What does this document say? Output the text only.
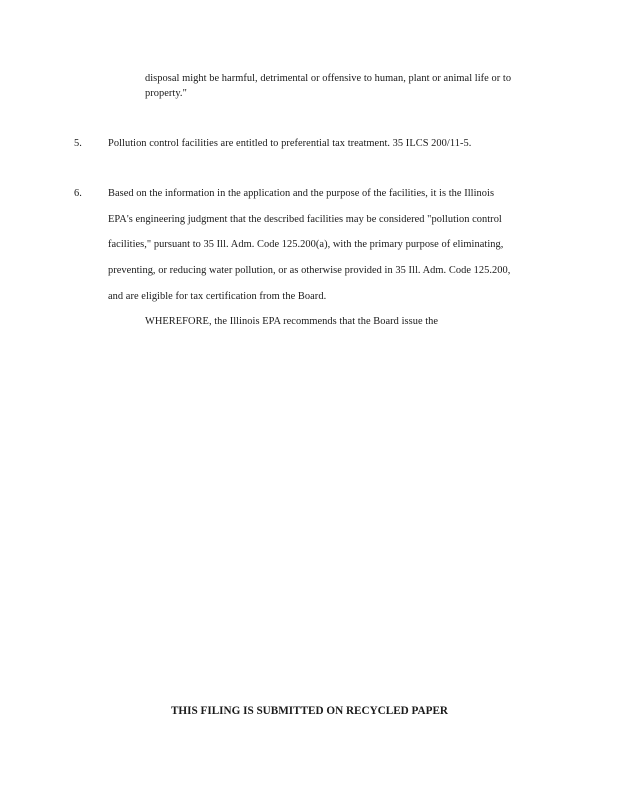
disposal might be harmful, detrimental or offensive to human, plant or animal life or to
property."
5.	Pollution control facilities are entitled to preferential tax treatment. 35 ILCS 200/11-5.
6.	Based on the information in the application and the purpose of the facilities, it is the Illinois
EPA's engineering judgment that the described facilities may be considered "pollution control
facilities," pursuant to 35 Ill. Adm. Code 125.200(a), with the primary purpose of eliminating,
preventing, or reducing water pollution, or as otherwise provided in 35 Ill. Adm. Code 125.200,
and are eligible for tax certification from the Board.
WHEREFORE, the Illinois EPA recommends that the Board issue the
THIS FILING IS SUBMITTED ON RECYCLED PAPER
